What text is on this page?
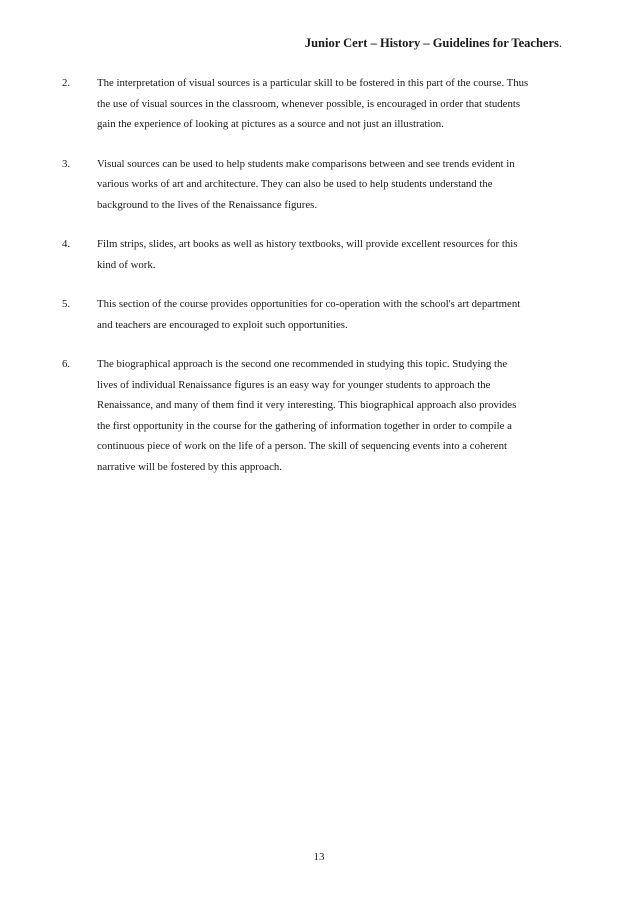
Junior Cert – History – Guidelines for Teachers.
2. The interpretation of visual sources is a particular skill to be fostered in this part of the course. Thus
the use of visual sources in the classroom, whenever possible, is encouraged in order that students
gain the experience of looking at pictures as a source and not just an illustration.
3. Visual sources can be used to help students make comparisons between and see trends evident in
various works of art and architecture. They can also be used to help students understand the
background to the lives of the Renaissance figures.
4. Film strips, slides, art books as well as history textbooks, will provide excellent resources for this
kind of work.
5. This section of the course provides opportunities for co-operation with the school's art department
and teachers are encouraged to exploit such opportunities.
6. The biographical approach is the second one recommended in studying this topic. Studying the
lives of individual Renaissance figures is an easy way for younger students to approach the
Renaissance, and many of them find it very interesting. This biographical approach also provides
the first opportunity in the course for the gathering of information together in order to compile a
continuous piece of work on the life of a person. The skill of sequencing events into a coherent
narrative will be fostered by this approach.
13
